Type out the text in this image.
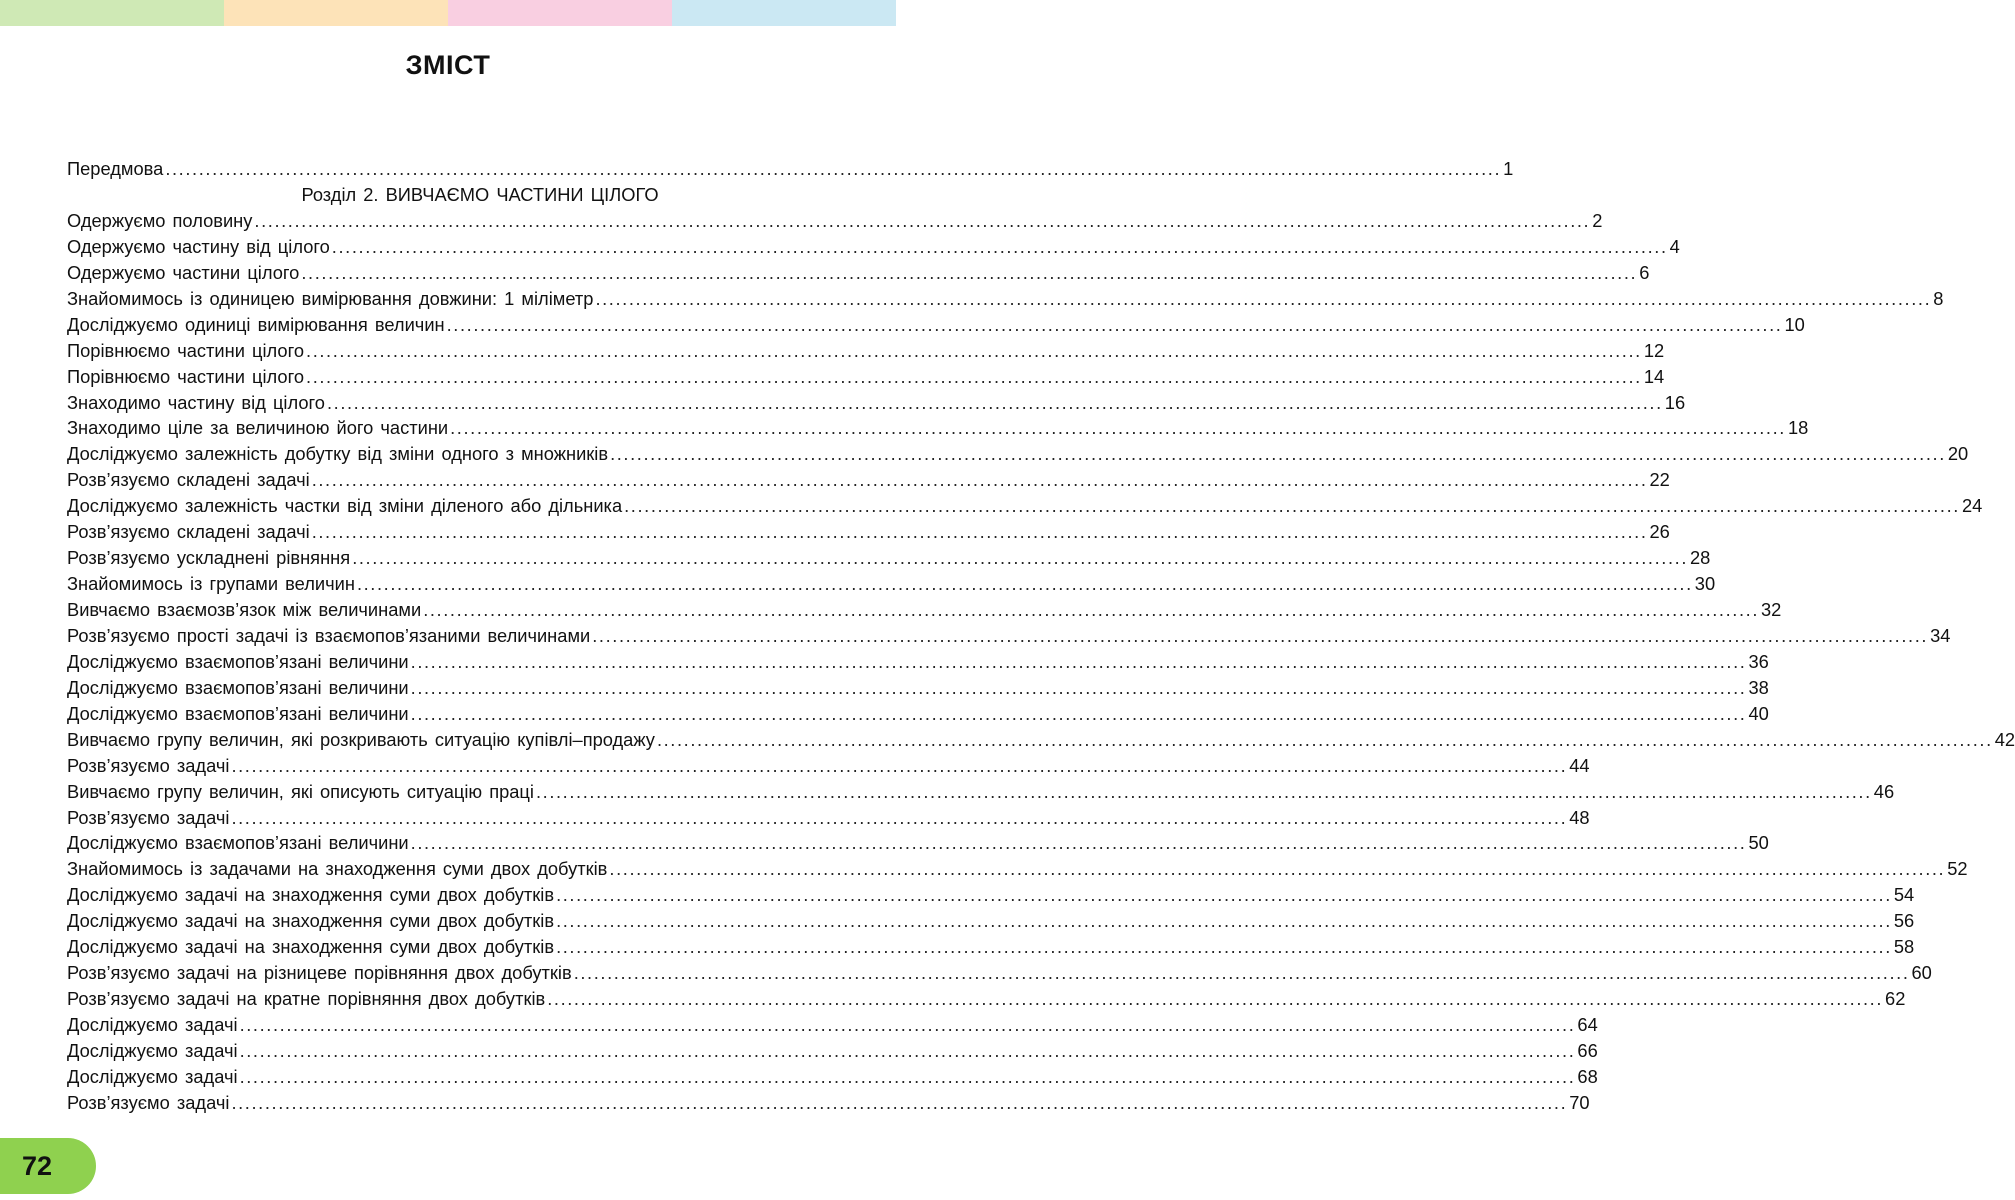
ЗМІСТ
Передмова ........................................................................................................................................................................................................ 1
Розділ 2. ВИВЧАЄМО ЧАСТИНИ ЦІЛОГО
Одержуємо половину ........................................................................................................................................................................................................ 2
Одержуємо частину від цілого ........................................................................................................................................................................................................ 4
Одержуємо частини цілого ........................................................................................................................................................................................................ 6
Знайомимось із одиницею вимірювання довжини: 1 міліметр ........................................................................................................................................................................................................ 8
Досліджуємо одиниці вимірювання величин ........................................................................................................................................................................................................ 10
Порівнюємо частини цілого ........................................................................................................................................................................................................ 12
Порівнюємо частини цілого ........................................................................................................................................................................................................ 14
Знаходимо частину від цілого ........................................................................................................................................................................................................ 16
Знаходимо ціле за величиною його частини ........................................................................................................................................................................................................ 18
Досліджуємо залежність добутку від зміни одного з множників ........................................................................................................................................................................................................ 20
Розв’язуємо складені задачі ........................................................................................................................................................................................................ 22
Досліджуємо залежність частки від зміни діленого або дільника ........................................................................................................................................................................................................ 24
Розв’язуємо складені задачі ........................................................................................................................................................................................................ 26
Розв’язуємо ускладнені рівняння ........................................................................................................................................................................................................ 28
Знайомимось із групами величин ........................................................................................................................................................................................................ 30
Вивчаємо взаємозв’язок між величинами ........................................................................................................................................................................................................ 32
Розв’язуємо прості задачі із взаємопов’язаними величинами ........................................................................................................................................................................................................ 34
Досліджуємо взаємопов’язані величини ........................................................................................................................................................................................................ 36
Досліджуємо взаємопов’язані величини ........................................................................................................................................................................................................ 38
Досліджуємо взаємопов’язані величини ........................................................................................................................................................................................................ 40
Вивчаємо групу величин, які розкривають ситуацію купівлі–продажу ........................................................................................................................................................................................................ 42
Розв’язуємо задачі ........................................................................................................................................................................................................ 44
Вивчаємо групу величин, які описують ситуацію праці ........................................................................................................................................................................................................ 46
Розв’язуємо задачі ........................................................................................................................................................................................................ 48
Досліджуємо взаємопов’язані величини ........................................................................................................................................................................................................ 50
Знайомимось із задачами на знаходження суми двох добутків ........................................................................................................................................................................................................ 52
Досліджуємо задачі на знаходження суми двох добутків ........................................................................................................................................................................................................ 54
Досліджуємо задачі на знаходження суми двох добутків ........................................................................................................................................................................................................ 56
Досліджуємо задачі на знаходження суми двох добутків ........................................................................................................................................................................................................ 58
Розв’язуємо задачі на різницеве порівняння двох добутків ........................................................................................................................................................................................................ 60
Розв’язуємо задачі на кратне порівняння двох добутків ........................................................................................................................................................................................................ 62
Досліджуємо задачі ........................................................................................................................................................................................................ 64
Досліджуємо задачі ........................................................................................................................................................................................................ 66
Досліджуємо задачі ........................................................................................................................................................................................................ 68
Розв’язуємо задачі ........................................................................................................................................................................................................ 70
72
